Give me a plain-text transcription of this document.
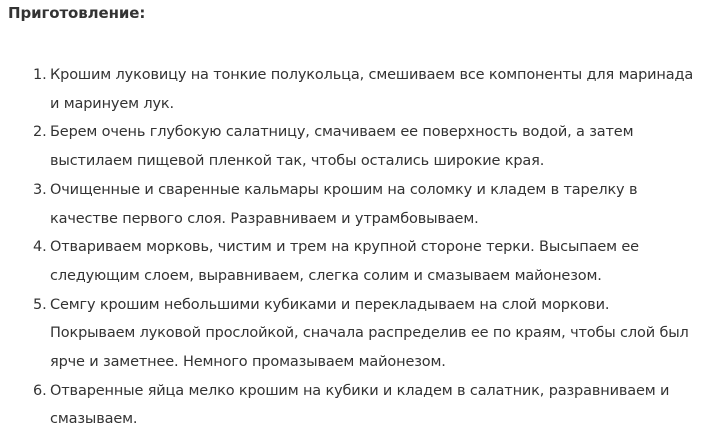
Приготовление:
1. Крошим луковицу на тонкие полукольца, смешиваем все компоненты для маринада и маринуем лук.
2. Берем очень глубокую салатницу, смачиваем ее поверхность водой, а затем выстилаем пищевой пленкой так, чтобы остались широкие края.
3. Очищенные и сваренные кальмары крошим на соломку и кладем в тарелку в качестве первого слоя. Разравниваем и утрамбовываем.
4. Отвариваем морковь, чистим и трем на крупной стороне терки. Высыпаем ее следующим слоем, выравниваем, слегка солим и смазываем майонезом.
5. Семгу крошим небольшими кубиками и перекладываем на слой моркови. Покрываем луковой прослойкой, сначала распределив ее по краям, чтобы слой был ярче и заметнее. Немного промазываем майонезом.
6. Отваренные яйца мелко крошим на кубики и кладем в салатник, разравниваем и смазываем.
